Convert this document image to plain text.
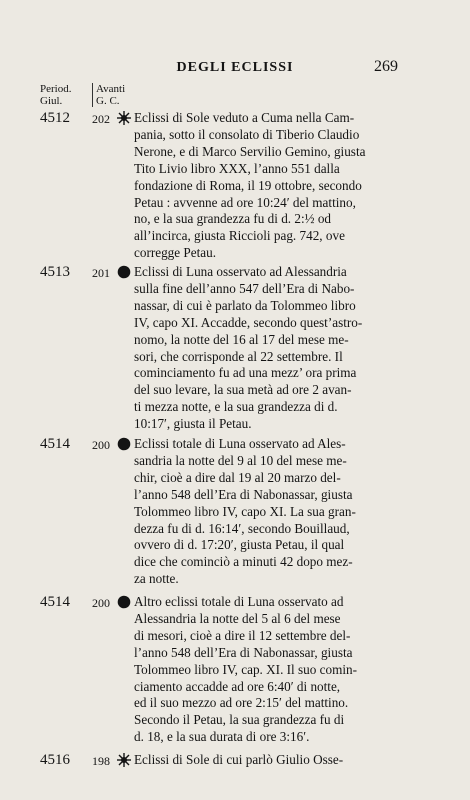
DEGLI ECLISSI	269
Period.
Giul.
Avanti
G. C.
4512 202 Eclissi di Sole veduto a Cuma nella Cam-
pania, sotto il consolato di Tiberio Claudio
Nerone, e di Marco Servilio Gemino, giusta
Tito Livio libro XXX, l’anno 551 dalla
fondazione di Roma, il 19 ottobre, secondo
Petau : avvenne ad ore 10:24′ del mattino,
no, e la sua grandezza fu di d. 2:½ od
all’incirca, giusta Riccioli pag. 742, ove
corregge Petau.
4513 201 Eclissi di Luna osservato ad Alessandria
sulla fine dell’anno 547 dell’Era di Nabo-
nassar, di cui è parlato da Tolommeo libro
IV, capo XI. Accadde, secondo quest’astro-
nomo, la notte del 16 al 17 del mese me-
sori, che corrisponde al 22 settembre. Il
cominciamento fu ad una mezz’ ora prima
del suo levare, la sua metà ad ore 2 avan-
ti mezza notte, e la sua grandezza di d.
10:17′, giusta il Petau.
4514 200 Eclissi totale di Luna osservato ad Ales-
sandria la notte del 9 al 10 del mese me-
chir, cioè a dire dal 19 al 20 marzo del-
l’anno 548 dell’Era di Nabonassar, giusta
Tolommeo libro IV, capo XI. La sua gran-
dezza fu di d. 16:14′, secondo Bouillaud,
ovvero di d. 17:20′, giusta Petau, il qual
dice che cominciò a minuti 42 dopo mez-
za notte.
4514 200 Altro eclissi totale di Luna osservato ad
Alessandria la notte del 5 al 6 del mese
di mesori, cioè a dire il 12 settembre del-
l’anno 548 dell’Era di Nabonassar, giusta
Tolommeo libro IV, cap. XI. Il suo comin-
ciamento accadde ad ore 6:40′ di notte,
ed il suo mezzo ad ore 2:15′ del mattino.
Secondo il Petau, la sua grandezza fu di
d. 18, e la sua durata di ore 3:16′.
4516 198 Eclissi di Sole di cui parlò Giulio Osse-
